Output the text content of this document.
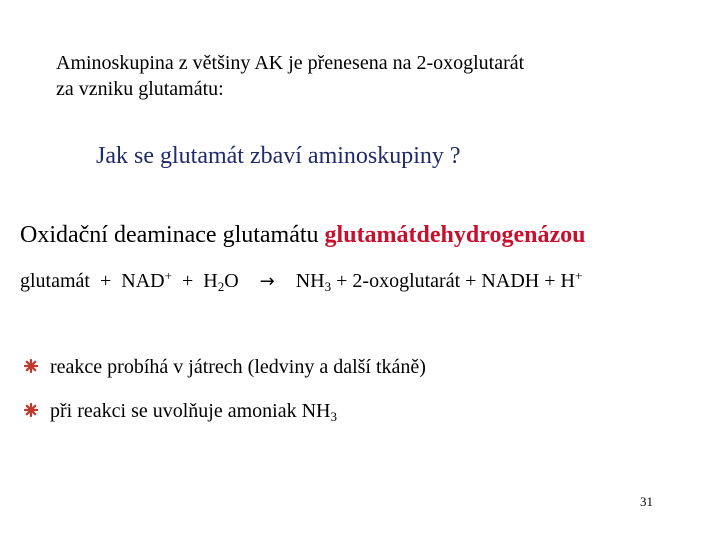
Aminoskupina z většiny AK je přenesena na 2-oxoglutarát
za vzniku glutamátu:
Jak se glutamát zbaví aminoskupiny ?
Oxidační deaminace glutamátu glutamátdehydrogenázou
glutamát + $NAD^+ + H_2O \to NH_3$ + 2-oxoglutarát + NADH + H+
reakce probíhá v játrech (ledviny a další tkáně)
při reakci se uvolňuje amoniak $NH_3$
31
